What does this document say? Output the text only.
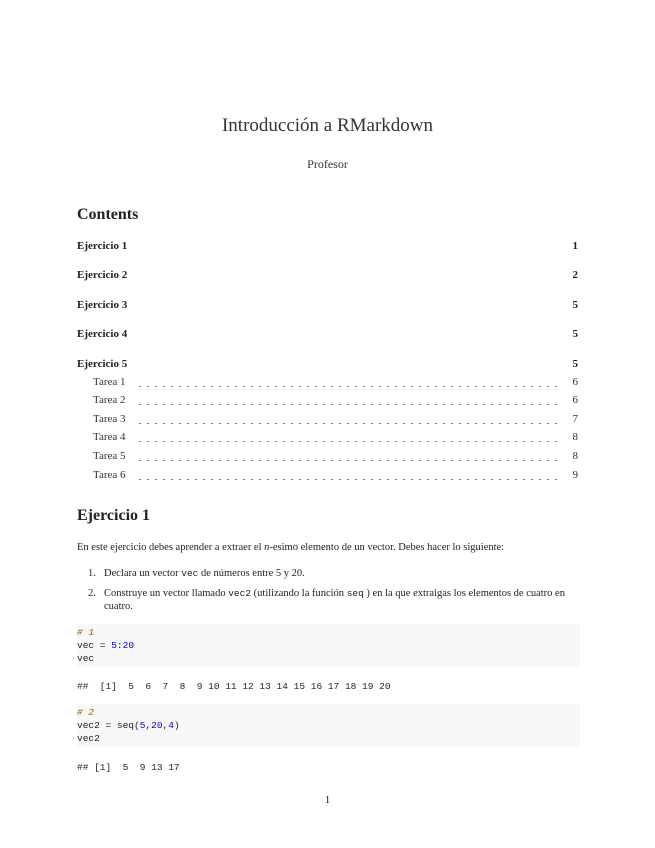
Introducción a RMarkdown
Profesor
Contents
Ejercicio 1	1
Ejercicio 2	2
Ejercicio 3	5
Ejercicio 4	5
Ejercicio 5	5
Tarea 1	6
Tarea 2	6
Tarea 3	7
Tarea 4	8
Tarea 5	8
Tarea 6	9
Ejercicio 1
En este ejercicio debes aprender a extraer el n-esimo elemento de un vector. Debes hacer lo siguiente:
1. Declara un vector vec de números entre 5 y 20.
2. Construye un vector llamado vec2 (utilizando la función seq ) en la que extraigas los elementos de cuatro en cuatro.
# 1
vec = 5:20
vec
##  [1]  5  6  7  8  9 10 11 12 13 14 15 16 17 18 19 20
# 2
vec2 = seq(5,20,4)
vec2
## [1]  5  9 13 17
1
